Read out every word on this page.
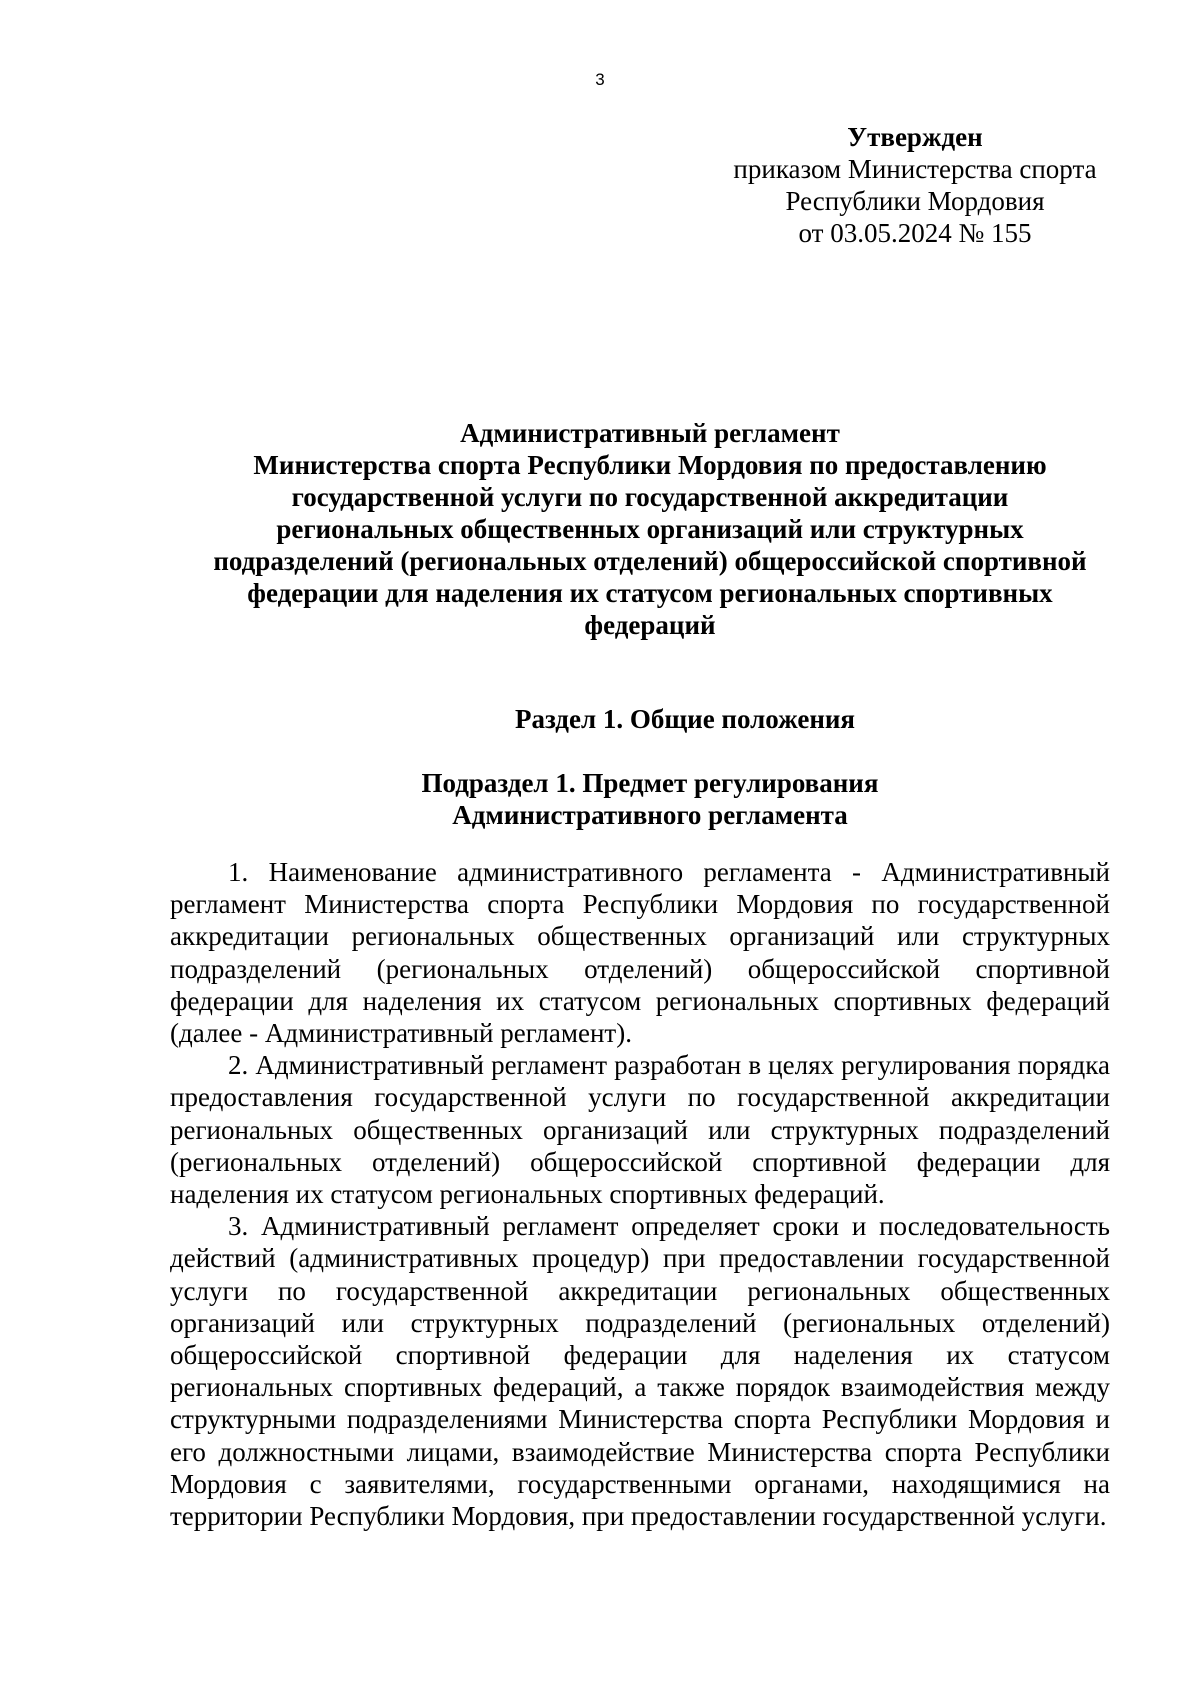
3
Утвержден
приказом Министерства спорта
Республики Мордовия
от 03.05.2024 № 155
Административный регламент
Министерства спорта Республики Мордовия по предоставлению
государственной услуги по государственной аккредитации
региональных общественных организаций или структурных
подразделений (региональных отделений) общероссийской спортивной
федерации для наделения их статусом региональных спортивных
федераций
Раздел 1. Общие положения
Подраздел 1. Предмет регулирования Административного регламента

1. Наименование административного регламента - Административный регламент Министерства спорта Республики Мордовия по государственной аккредитации региональных общественных организаций или структурных подразделений (региональных отделений) общероссийской спортивной федерации для наделения их статусом региональных спортивных федераций (далее - Административный регламент).

2. Административный регламент разработан в целях регулирования порядка предоставления государственной услуги по государственной аккредитации региональных общественных организаций или структурных подразделений (региональных отделений) общероссийской спортивной федерации для наделения их статусом региональных спортивных федераций.

3. Административный регламент определяет сроки и последовательность действий (административных процедур) при предоставлении государственной услуги по государственной аккредитации региональных общественных организаций или структурных подразделений (региональных отделений) общероссийской спортивной федерации для наделения их статусом региональных спортивных федераций, а также порядок взаимодействия между структурными подразделениями Министерства спорта Республики Мордовия и его должностными лицами, взаимодействие Министерства спорта Республики Мордовия с заявителями, государственными органами, находящимися на территории Республики Мордовия, при предоставлении государственной услуги.
